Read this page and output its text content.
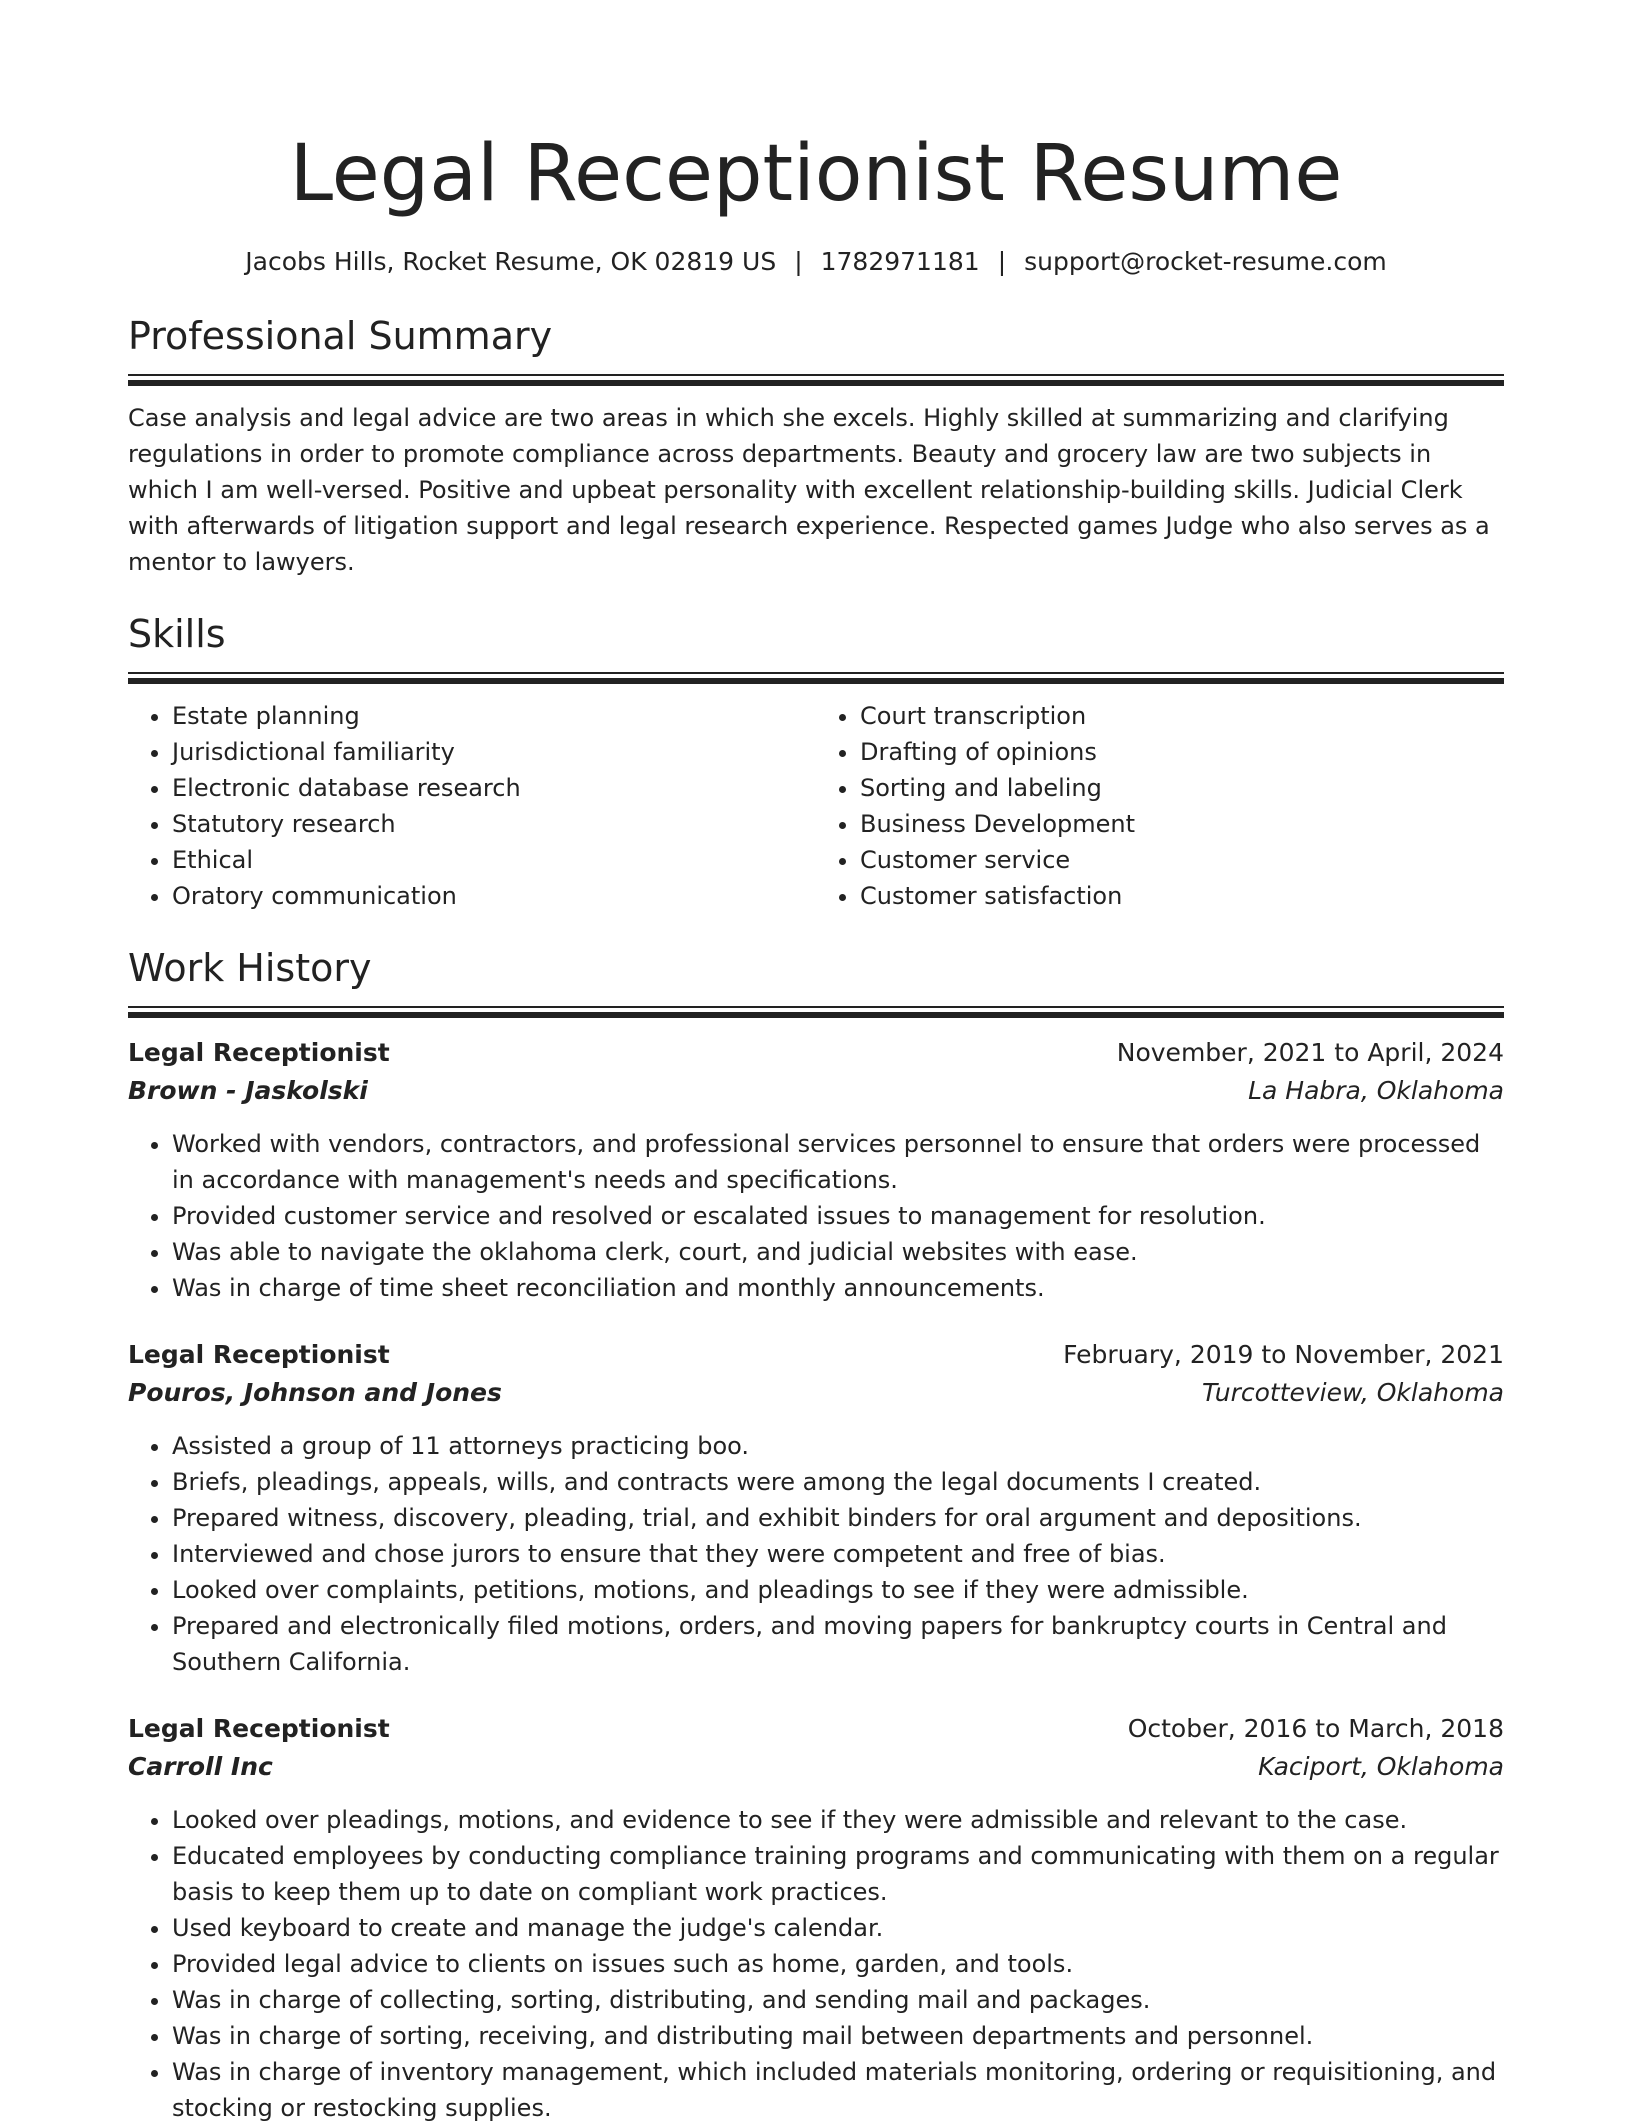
Legal Receptionist Resume
Jacobs Hills, Rocket Resume, OK 02819 US | 1782971181 | support@rocket-resume.com
Professional Summary

Case analysis and legal advice are two areas in which she excels. Highly skilled at summarizing and clarifying regulations in order to promote compliance across departments. Beauty and grocery law are two subjects in which I am well-versed. Positive and upbeat personality with excellent relationship-building skills. Judicial Clerk with afterwards of litigation support and legal research experience. Respected games Judge who also serves as a mentor to lawyers.

Skills
• Estate planning
• Jurisdictional familiarity
• Electronic database research
• Statutory research
• Ethical
• Oratory communication
• Court transcription
• Drafting of opinions
• Sorting and labeling
• Business Development
• Customer service
• Customer satisfaction
Work History
Legal Receptionist	November, 2021 to April, 2024
Brown - Jaskolski	La Habra, Oklahoma
• Worked with vendors, contractors, and professional services personnel to ensure that orders were processed in accordance with management's needs and specifications.
• Provided customer service and resolved or escalated issues to management for resolution.
• Was able to navigate the oklahoma clerk, court, and judicial websites with ease.
• Was in charge of time sheet reconciliation and monthly announcements.
Legal Receptionist	February, 2019 to November, 2021
Pouros, Johnson and Jones	Turcotteview, Oklahoma
• Assisted a group of 11 attorneys practicing boo.
• Briefs, pleadings, appeals, wills, and contracts were among the legal documents I created.
• Prepared witness, discovery, pleading, trial, and exhibit binders for oral argument and depositions.
• Interviewed and chose jurors to ensure that they were competent and free of bias.
• Looked over complaints, petitions, motions, and pleadings to see if they were admissible.
• Prepared and electronically filed motions, orders, and moving papers for bankruptcy courts in Central and Southern California.
Legal Receptionist	October, 2016 to March, 2018
Carroll Inc	Kaciport, Oklahoma
• Looked over pleadings, motions, and evidence to see if they were admissible and relevant to the case.
• Educated employees by conducting compliance training programs and communicating with them on a regular basis to keep them up to date on compliant work practices.
• Used keyboard to create and manage the judge's calendar.
• Provided legal advice to clients on issues such as home, garden, and tools.
• Was in charge of collecting, sorting, distributing, and sending mail and packages.
• Was in charge of sorting, receiving, and distributing mail between departments and personnel.
• Was in charge of inventory management, which included materials monitoring, ordering or requisitioning, and stocking or restocking supplies.
